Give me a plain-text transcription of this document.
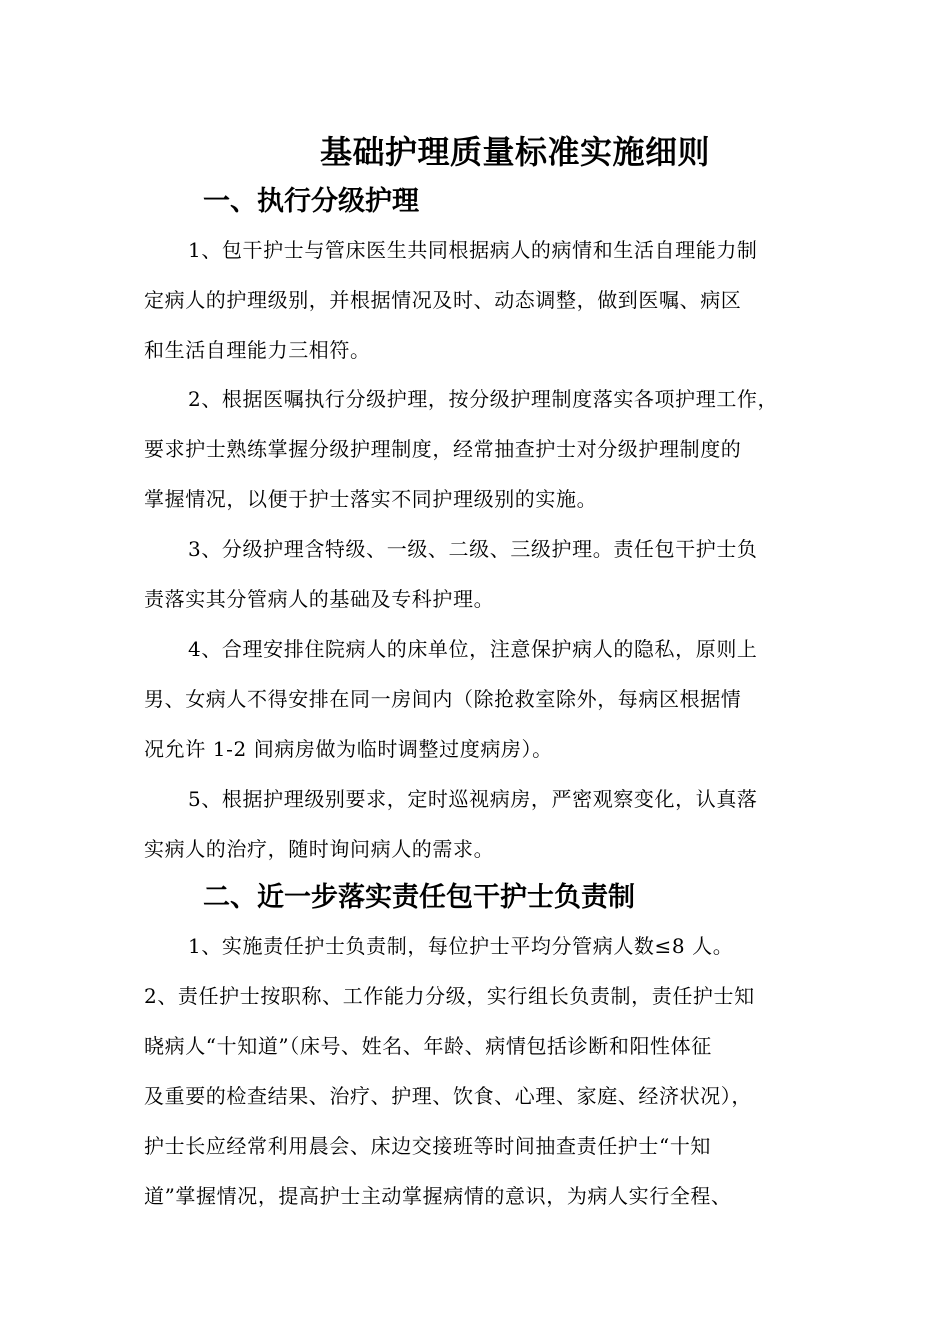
基础护理质量标准实施细则
一、执行分级护理
1、包干护士与管床医生共同根据病人的病情和生活自理能力制
定病人的护理级别，并根据情况及时、动态调整，做到医嘱、病区
和生活自理能力三相符。
2、根据医嘱执行分级护理，按分级护理制度落实各项护理工作，
要求护士熟练掌握分级护理制度，经常抽查护士对分级护理制度的
掌握情况，以便于护士落实不同护理级别的实施。
3、分级护理含特级、一级、二级、三级护理。责任包干护士负
责落实其分管病人的基础及专科护理。
4、合理安排住院病人的床单位，注意保护病人的隐私，原则上
男、女病人不得安排在同一房间内（除抢救室除外，每病区根据情
况允许 1-2 间病房做为临时调整过度病房）。
5、根据护理级别要求，定时巡视病房，严密观察变化，认真落
实病人的治疗，随时询问病人的需求。
二、近一步落实责任包干护士负责制
1、实施责任护士负责制，每位护士平均分管病人数≤8 人。
2、责任护士按职称、工作能力分级，实行组长负责制，责任护士知
晓病人“十知道”（床号、姓名、年龄、病情包括诊断和阳性体征
及重要的检查结果、治疗、护理、饮食、心理、家庭、经济状况），
护士长应经常利用晨会、床边交接班等时间抽查责任护士“十知
道”掌握情况，提高护士主动掌握病情的意识，为病人实行全程、
